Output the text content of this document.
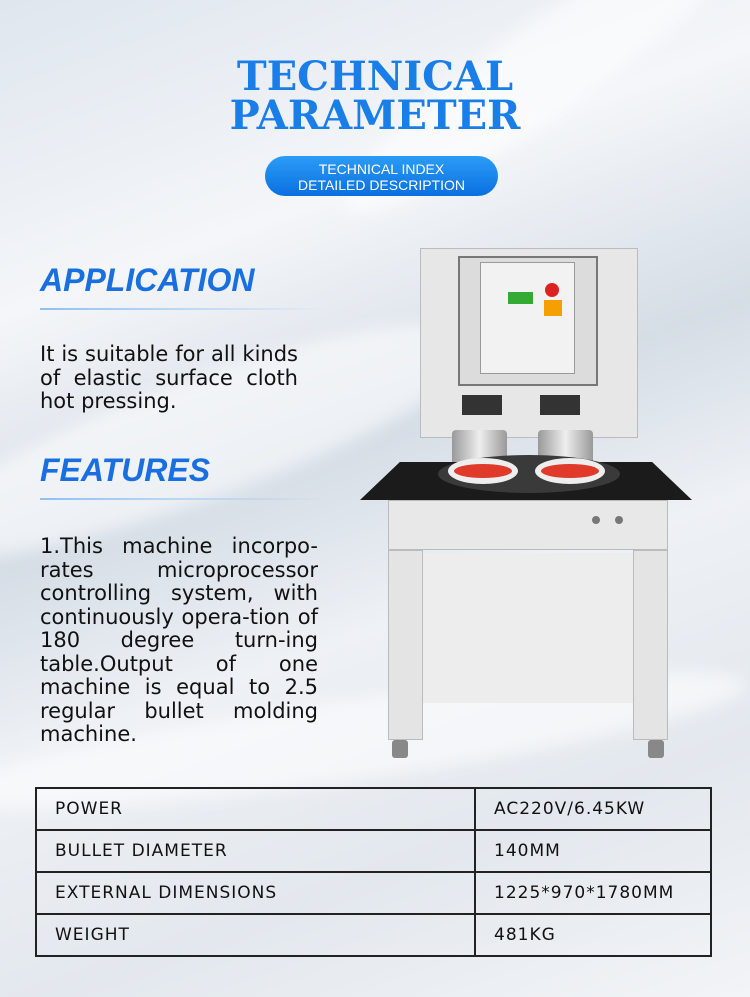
TECHNICAL
PARAMETER
TECHNICAL INDEX
DETAILED DESCRIPTION
APPLICATION
It is suitable for all kinds of elastic surface cloth hot pressing.
FEATURES
1.This machine incorpo-rates microprocessor controlling system, with continuously opera-tion of 180 degree turn-ing table.Output of one machine is equal to 2.5 regular bullet molding machine.
POWER	AC220V/6.45KW
BULLET DIAMETER	140MM
EXTERNAL DIMENSIONS	1225*970*1780MM
WEIGHT	481KG
